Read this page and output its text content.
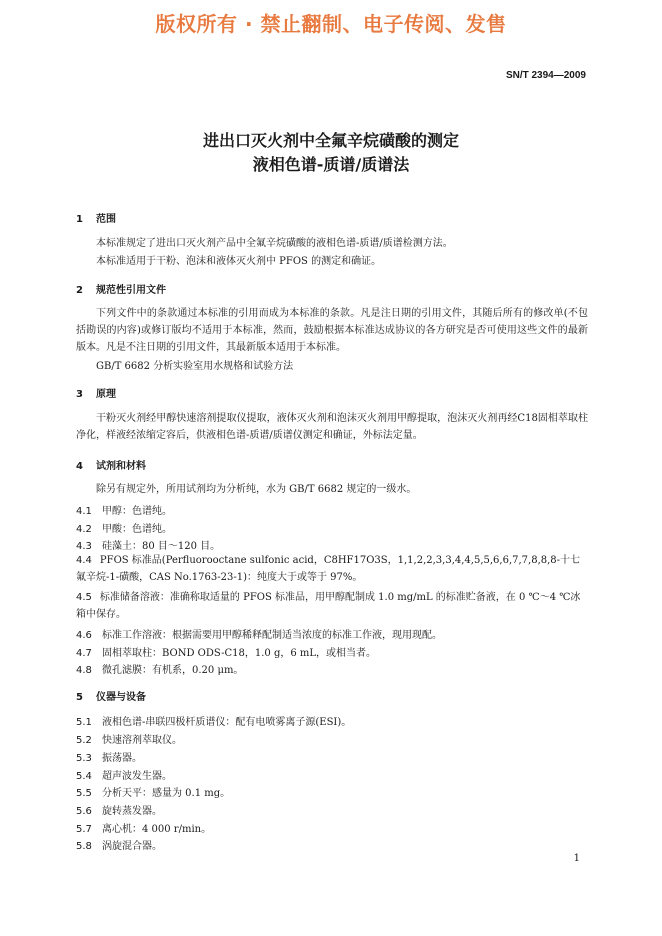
版权所有 · 禁止翻制、电子传阅、发售
SN/T 2394—2009
进出口灭火剂中全氟辛烷磺酸的测定
液相色谱-质谱/质谱法
1 范围
本标准规定了进出口灭火剂产品中全氟辛烷磺酸的液相色谱-质谱/质谱检测方法。
本标准适用于干粉、泡沫和液体灭火剂中 PFOS 的测定和确证。
2 规范性引用文件
下列文件中的条款通过本标准的引用而成为本标准的条款。凡是注日期的引用文件，其随后所有的修改单(不包括勘误的内容)或修订版均不适用于本标准，然而，鼓励根据本标准达成协议的各方研究是否可使用这些文件的最新版本。凡是不注日期的引用文件，其最新版本适用于本标准。
GB/T 6682 分析实验室用水规格和试验方法
3 原理
干粉灭火剂经甲醇快速溶剂提取仪提取，液体灭火剂和泡沫灭火剂用甲醇提取，泡沫灭火剂再经C18固相萃取柱净化，样液经浓缩定容后，供液相色谱-质谱/质谱仪测定和确证，外标法定量。
4 试剂和材料
除另有规定外，所用试剂均为分析纯，水为 GB/T 6682 规定的一级水。
4.1 甲醇：色谱纯。
4.2 甲酸：色谱纯。
4.3 硅藻土：80 目～120 目。
4.4 PFOS 标准品(Perfluorooctane sulfonic acid，C8HF17O3S，1,1,2,2,3,3,4,4,5,5,6,6,7,7,8,8,8-十七氟辛烷-1-磺酸，CAS No.1763-23-1)：纯度大于或等于 97%。
4.5 标准储备溶液：准确称取适量的 PFOS 标准品，用甲醇配制成 1.0 mg/mL 的标准贮备液，在 0 ℃～4 ℃冰箱中保存。
4.6 标准工作溶液：根据需要用甲醇稀释配制适当浓度的标准工作液，现用现配。
4.7 固相萃取柱：BOND ODS-C18，1.0 g，6 mL，或相当者。
4.8 微孔滤膜：有机系，0.20 μm。
5 仪器与设备
5.1 液相色谱-串联四极杆质谱仪：配有电喷雾离子源(ESI)。
5.2 快速溶剂萃取仪。
5.3 振荡器。
5.4 超声波发生器。
5.5 分析天平：感量为 0.1 mg。
5.6 旋转蒸发器。
5.7 离心机：4 000 r/min。
5.8 涡旋混合器。
1
